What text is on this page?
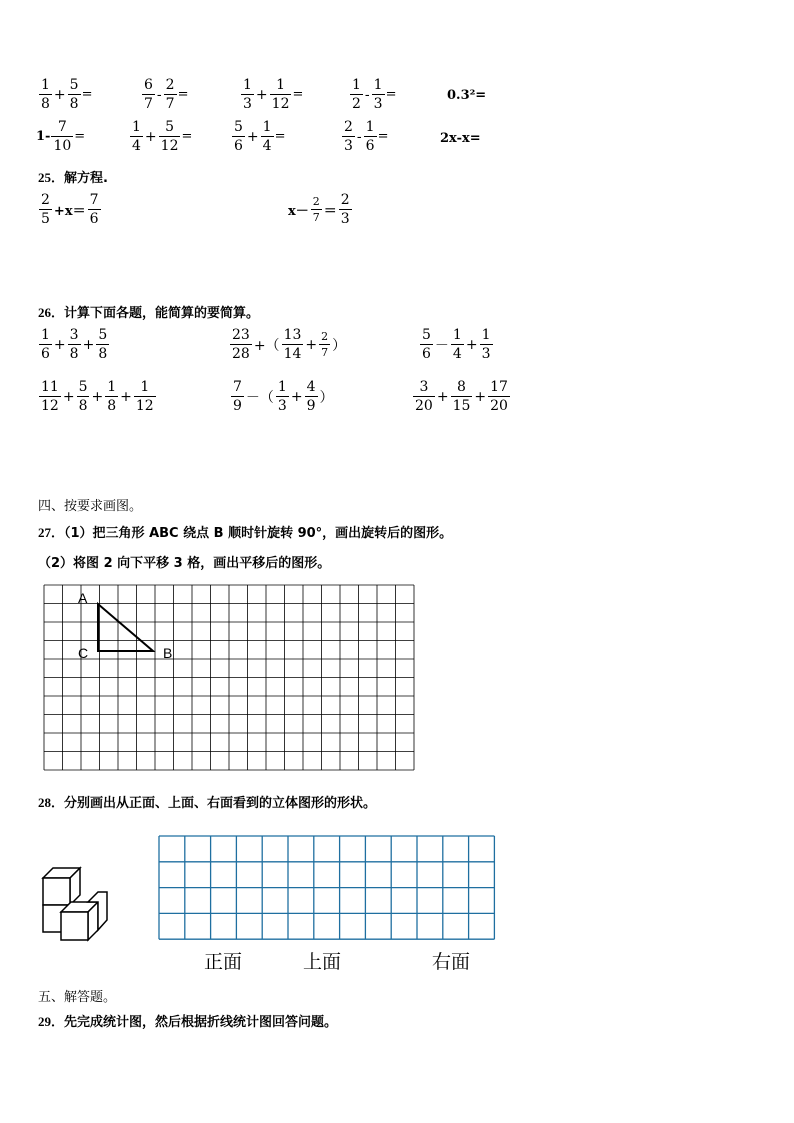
$\frac{1}{8} + \frac{5}{8}$ =	$\frac{6}{7} - \frac{2}{7}$ =	$\frac{1}{3} + \frac{1}{12}$ =	$\frac{1}{2} - \frac{1}{3}$ =	0.3²=
$1- \frac{7}{10}$ =	$\frac{1}{4} + \frac{5}{12}$ =	$\frac{5}{6} + \frac{1}{4}$ =	$\frac{2}{3} - \frac{1}{6}$ =	2x-x=
25．解方程.
$\frac{2}{5} +x= \frac{7}{6}$	$x- \frac{2}{7} = \frac{2}{3}$
26．计算下面各题，能简算的要简算。
$\frac{1}{6} + \frac{3}{8} + \frac{5}{8}$	$\frac{23}{28}$ +（ $\frac{13}{14} + \frac{2}{7}$ ）	$\frac{5}{6} - \frac{1}{4} + \frac{1}{3}$
$\frac{11}{12} + \frac{5}{8} + \frac{1}{8} + \frac{1}{12}$	$\frac{7}{9}$ －（ $\frac{1}{3} + \frac{4}{9}$ ）	$\frac{3}{20} + \frac{8}{15} + \frac{17}{20}$
四、按要求画图。
27．（1）把三角形 ABC 绕点 B 顺时针旋转 90°，画出旋转后的图形。
（2）将图 2 向下平移 3 格，画出平移后的图形。
A
C	B
28．分别画出从正面、上面、右面看到的立体图形的形状。
正面	上面	右面
五、解答题。
29．先完成统计图，然后根据折线统计图回答问题。
